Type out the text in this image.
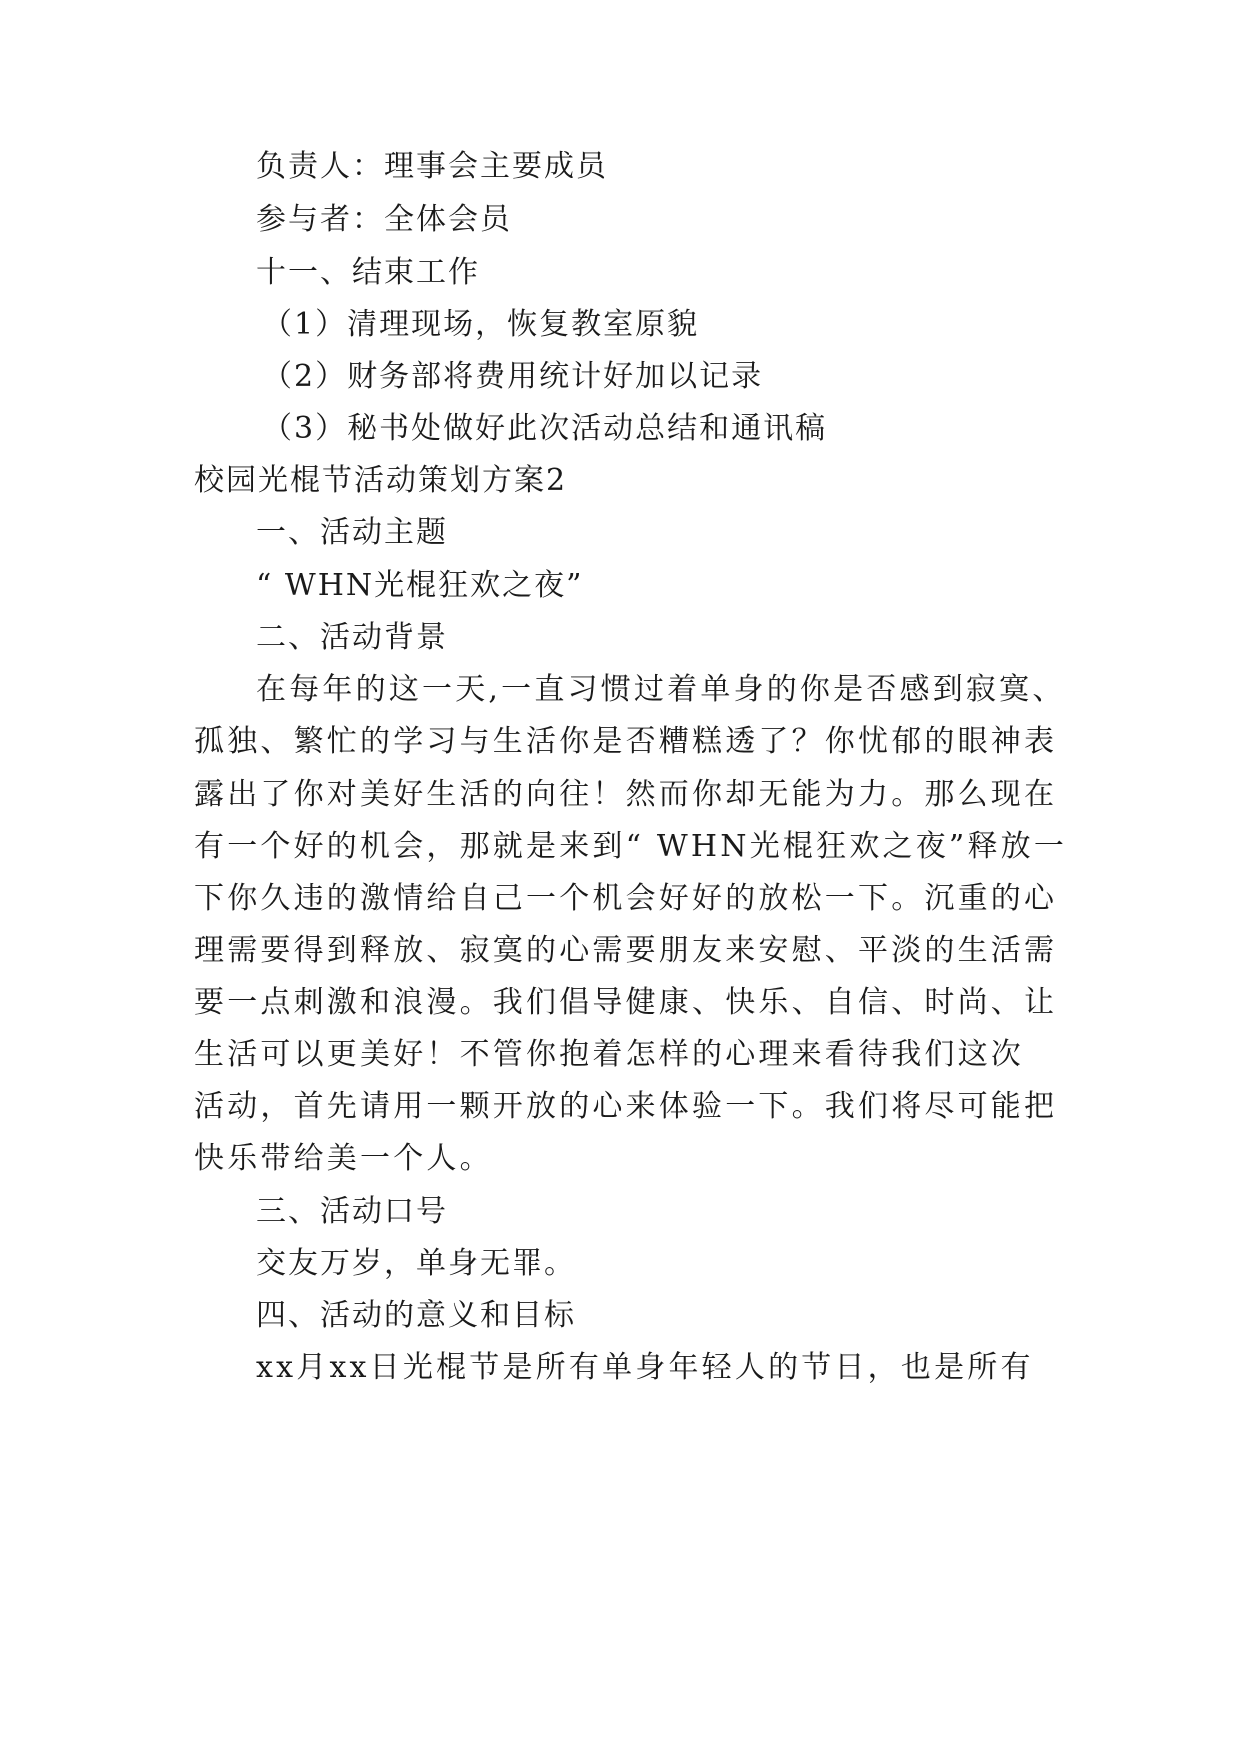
负责人：理事会主要成员
参与者：全体会员
十一、结束工作
（1）清理现场，恢复教室原貌
（2）财务部将费用统计好加以记录
（3）秘书处做好此次活动总结和通讯稿
校园光棍节活动策划方案2
一、活动主题
“ WHN光棍狂欢之夜”
二、活动背景
在每年的这一天,一直习惯过着单身的你是否感到寂寞、
孤独、繁忙的学习与生活你是否糟糕透了？你忧郁的眼神表
露出了你对美好生活的向往！然而你却无能为力。那么现在
有一个好的机会，那就是来到“ WHN光棍狂欢之夜”释放一
下你久违的激情给自己一个机会好好的放松一下。沉重的心
理需要得到释放、寂寞的心需要朋友来安慰、平淡的生活需
要一点刺激和浪漫。我们倡导健康、快乐、自信、时尚、让
生活可以更美好！不管你抱着怎样的心理来看待我们这次
活动，首先请用一颗开放的心来体验一下。我们将尽可能把
快乐带给美一个人。
三、活动口号
交友万岁，单身无罪。
四、活动的意义和目标
xx月xx日光棍节是所有单身年轻人的节日，也是所有
